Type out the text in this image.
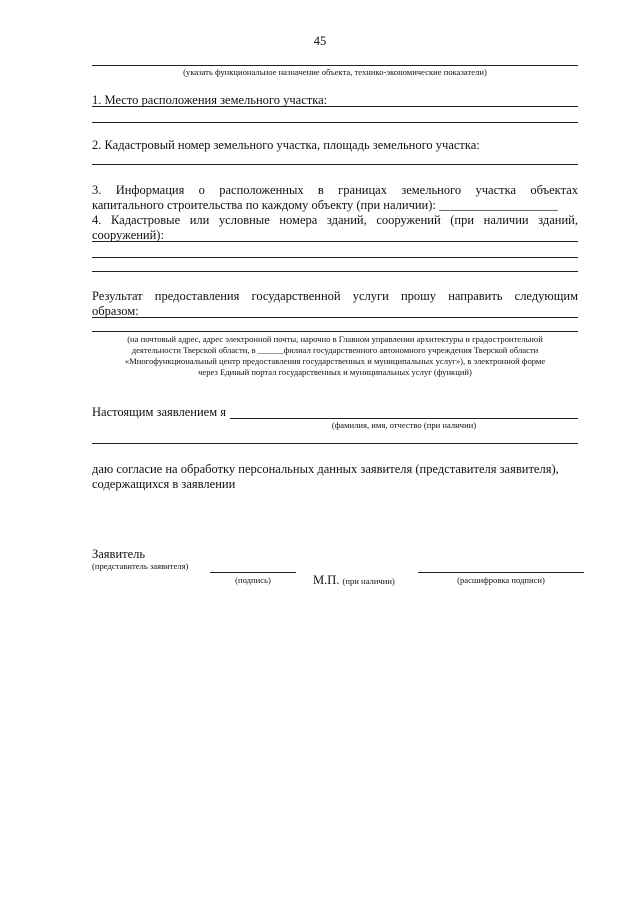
45
(указать функциональное назначение объекта, технико-экономические показатели)
1. Место расположения земельного участка:
2. Кадастровый номер земельного участка, площадь земельного участка:
3. Информация о расположенных в границах земельного участка объектах
капитального строительства по каждому объекту (при наличии): ___________________
4. Кадастровые или условные номера зданий, сооружений (при наличии зданий,
сооружений):
Результат предоставления государственной услуги прошу направить следующим
образом:
(на почтовый адрес, адрес электронной почты, нарочно в Главном управлении архитектуры и градостроительной
деятельности Тверской области, в ______филиал государственного автономного учреждения Тверской области
«Многофункциональный центр предоставления государственных и муниципальных услуг»), в электронной форме
через Единый портал государственных и муниципальных услуг (функций)
Настоящим заявлением я
(фамилия, имя, отчество (при наличии)
даю согласие на обработку персональных данных заявителя (представителя заявителя),
содержащихся в заявлении
Заявитель
(представитель заявителя)
(подпись)	М.П. (при наличии)	(расшифровка подписи)
